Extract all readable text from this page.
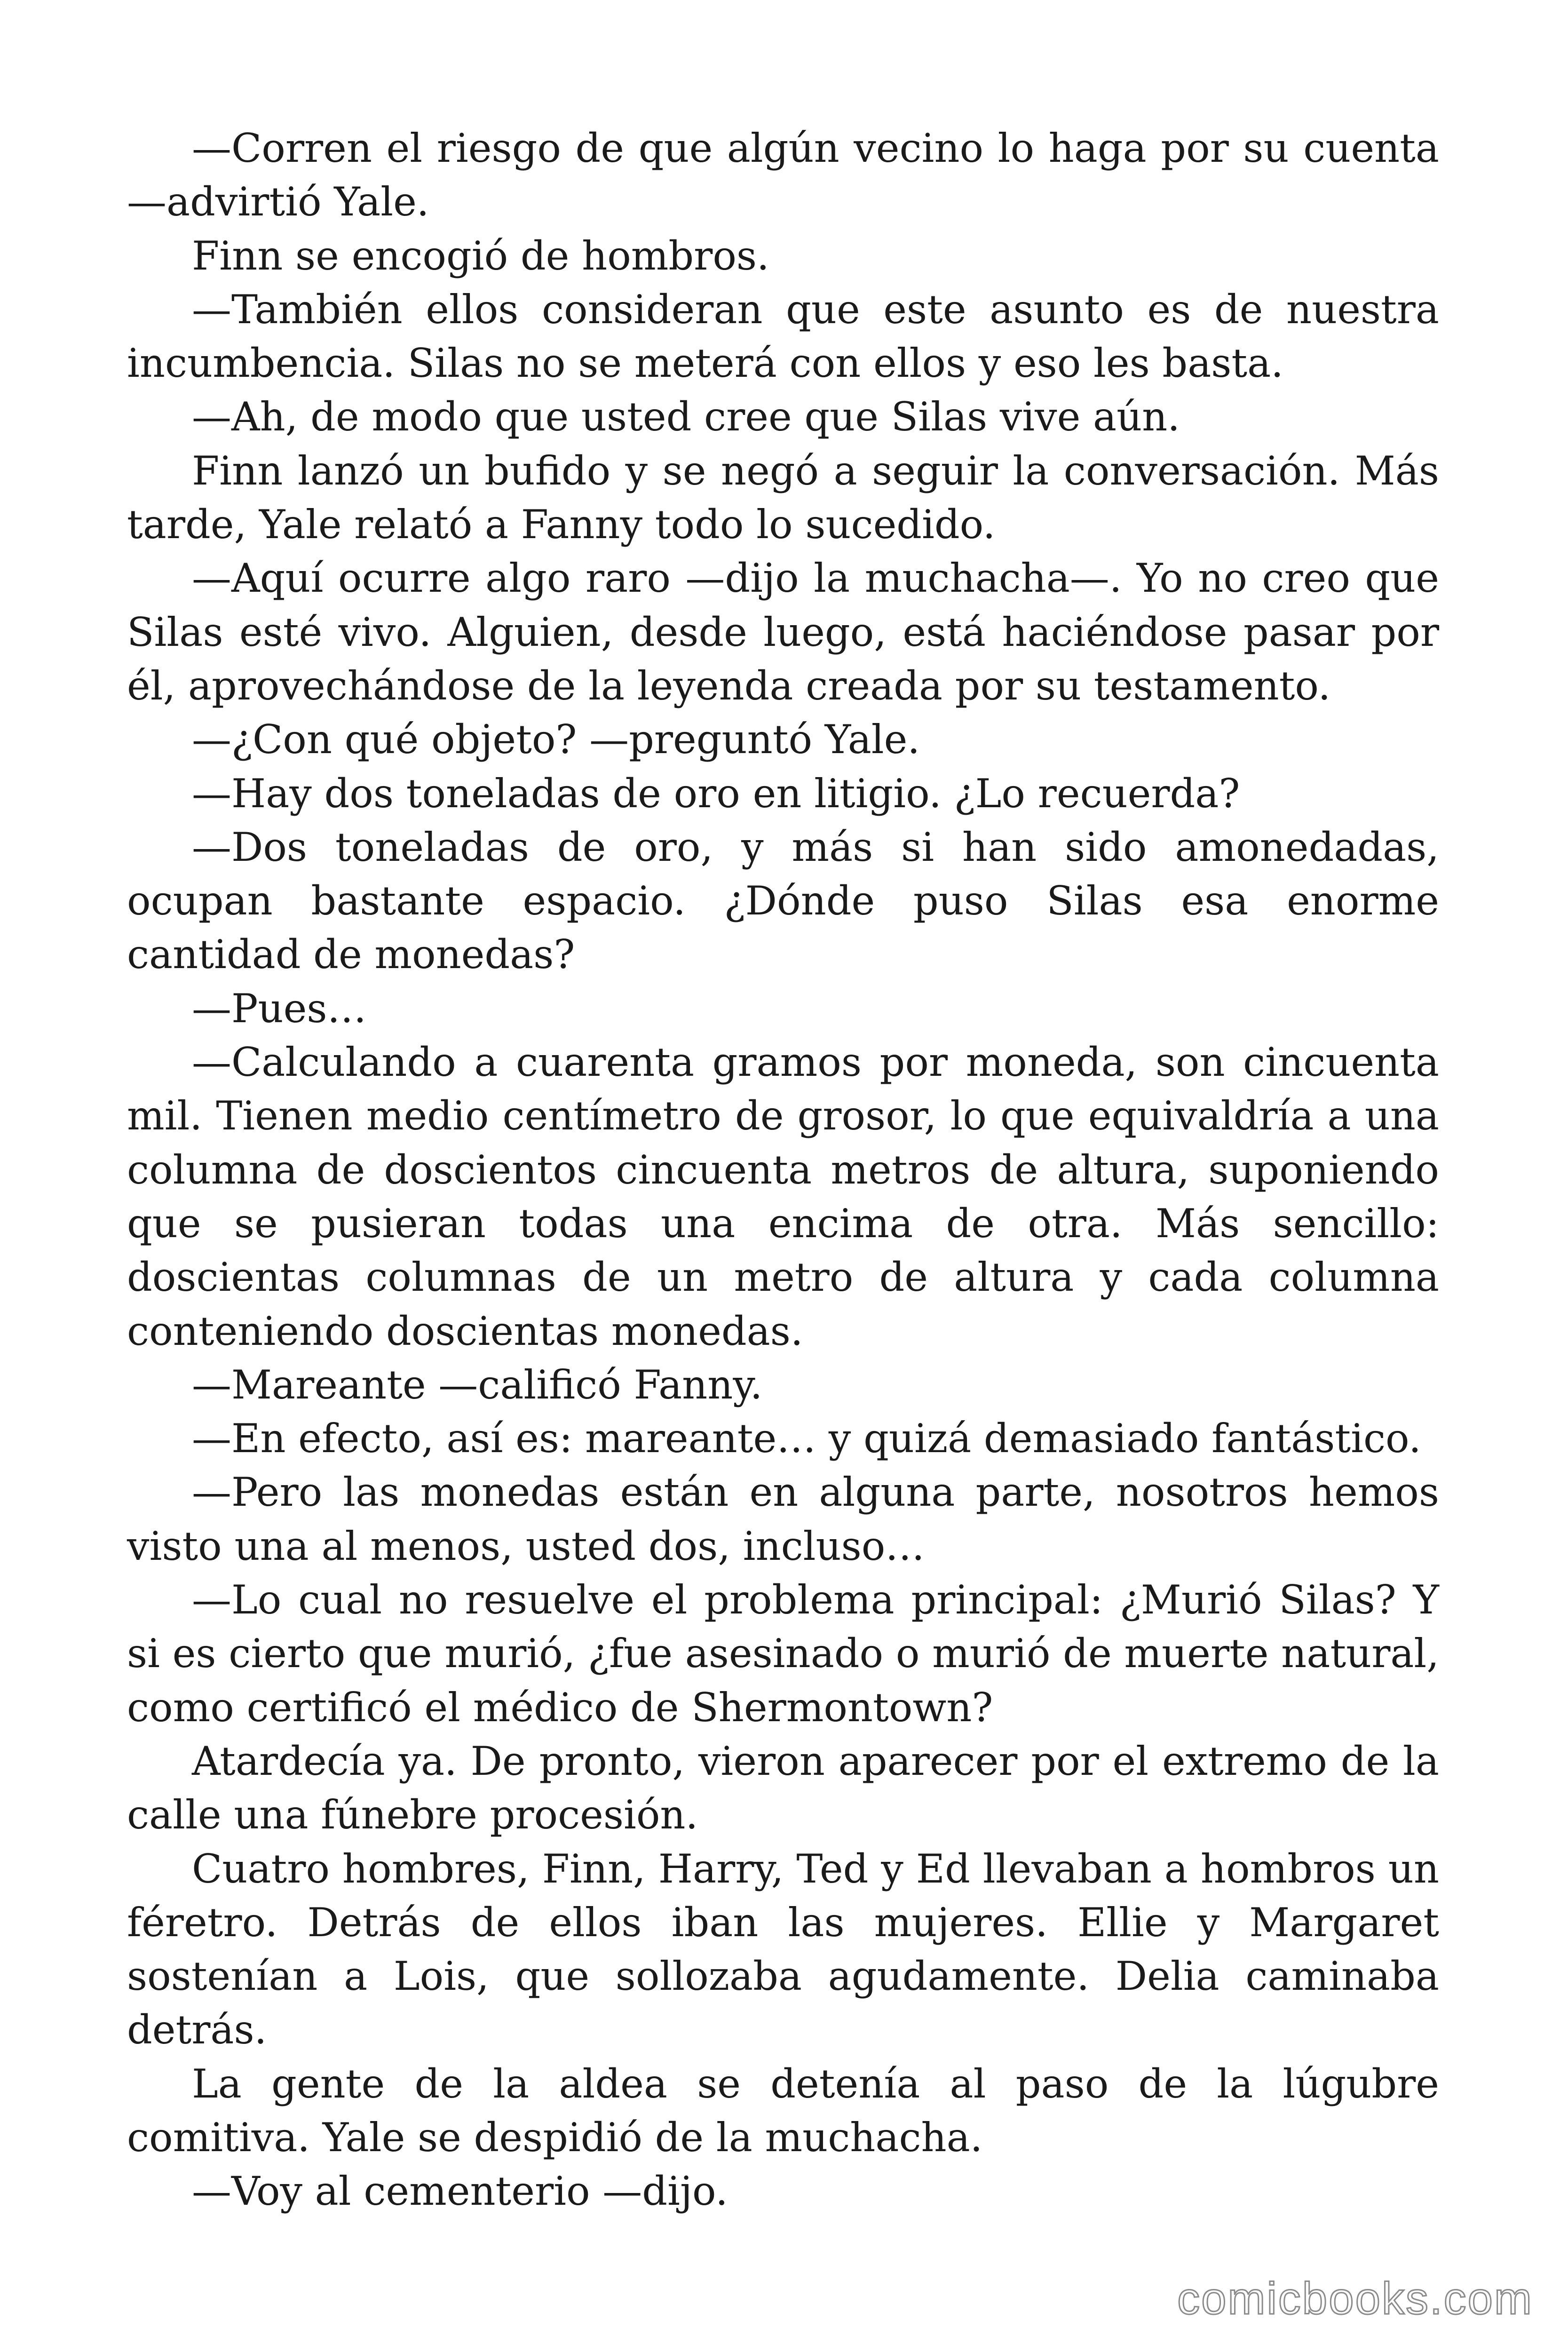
—Corren el riesgo de que algún vecino lo haga por su cuenta —advirtió Yale.

Finn se encogió de hombros.

—También ellos consideran que este asunto es de nuestra incumbencia. Silas no se meterá con ellos y eso les basta.

—Ah, de modo que usted cree que Silas vive aún.

Finn lanzó un bufido y se negó a seguir la conversación. Más tarde, Yale relató a Fanny todo lo sucedido.

—Aquí ocurre algo raro —dijo la muchacha—. Yo no creo que Silas esté vivo. Alguien, desde luego, está haciéndose pasar por él, aprovechándose de la leyenda creada por su testamento.

—¿Con qué objeto? —preguntó Yale.

—Hay dos toneladas de oro en litigio. ¿Lo recuerda?

—Dos toneladas de oro, y más si han sido amonedadas, ocupan bastante espacio. ¿Dónde puso Silas esa enorme cantidad de monedas?

—Pues…

—Calculando a cuarenta gramos por moneda, son cincuenta mil. Tienen medio centímetro de grosor, lo que equivaldría a una columna de doscientos cincuenta metros de altura, suponiendo que se pusieran todas una encima de otra. Más sencillo: doscientas columnas de un metro de altura y cada columna conteniendo doscientas monedas.

—Mareante —calificó Fanny.

—En efecto, así es: mareante… y quizá demasiado fantástico.

—Pero las monedas están en alguna parte, nosotros hemos visto una al menos, usted dos, incluso…

—Lo cual no resuelve el problema principal: ¿Murió Silas? Y si es cierto que murió, ¿fue asesinado o murió de muerte natural, como certificó el médico de Shermontown?

Atardecía ya. De pronto, vieron aparecer por el extremo de la calle una fúnebre procesión.

Cuatro hombres, Finn, Harry, Ted y Ed llevaban a hombros un féretro. Detrás de ellos iban las mujeres. Ellie y Margaret sostenían a Lois, que sollozaba agudamente. Delia caminaba detrás.

La gente de la aldea se detenía al paso de la lúgubre comitiva. Yale se despidió de la muchacha.

—Voy al cementerio —dijo.

comicbooks.com
